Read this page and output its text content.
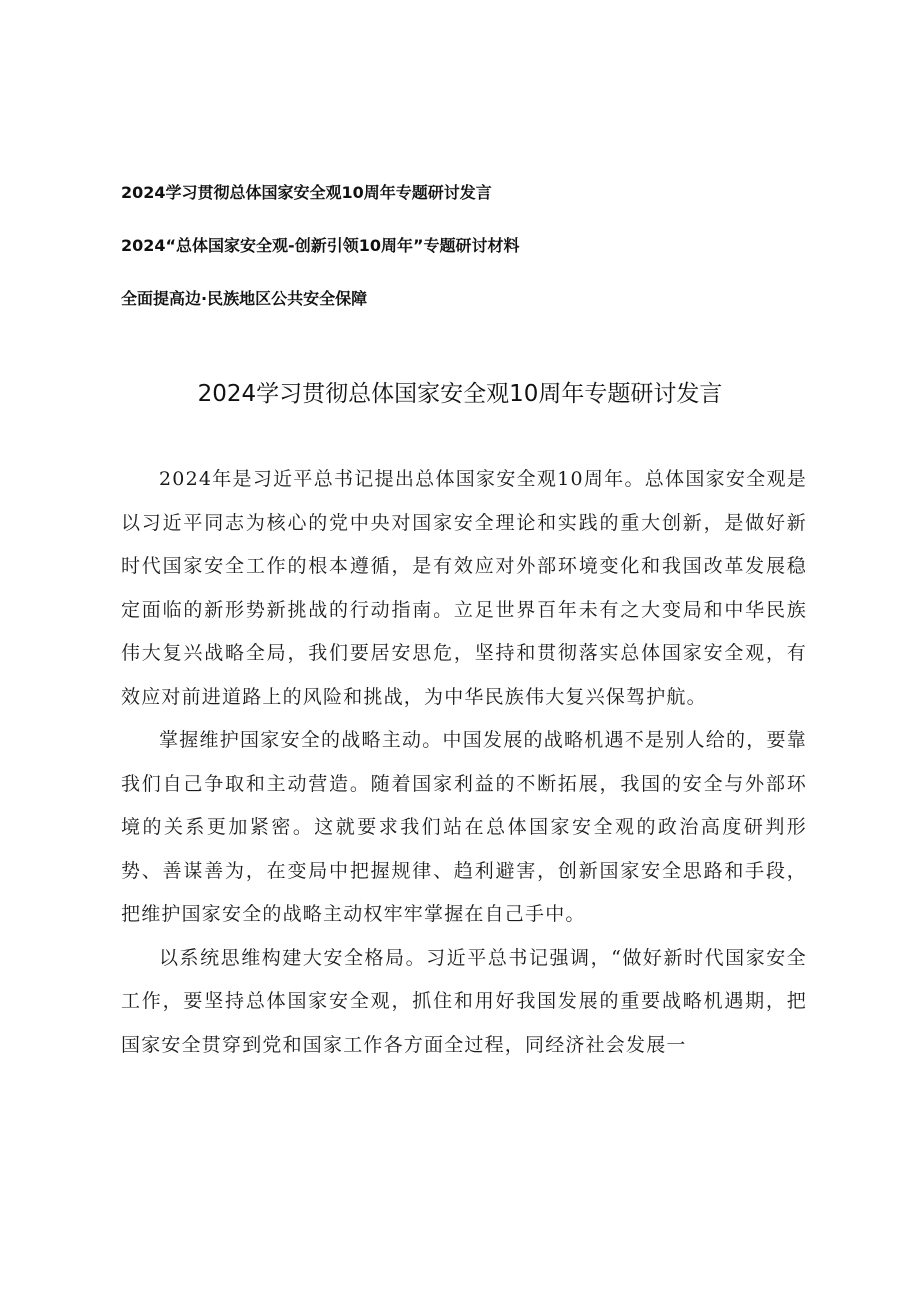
2024学习贯彻总体国家安全观10周年专题研讨发言
2024“总体国家安全观-创新引领10周年”专题研讨材料
全面提高边·民族地区公共安全保障
2024学习贯彻总体国家安全观10周年专题研讨发言

2024年是习近平总书记提出总体国家安全观10周年。总体国家安全观是以习近平同志为核心的党中央对国家安全理论和实践的重大创新，是做好新时代国家安全工作的根本遵循，是有效应对外部环境变化和我国改革发展稳定面临的新形势新挑战的行动指南。立足世界百年未有之大变局和中华民族伟大复兴战略全局，我们要居安思危，坚持和贯彻落实总体国家安全观，有效应对前进道路上的风险和挑战，为中华民族伟大复兴保驾护航。

掌握维护国家安全的战略主动。中国发展的战略机遇不是别人给的，要靠我们自己争取和主动营造。随着国家利益的不断拓展，我国的安全与外部环境的关系更加紧密。这就要求我们站在总体国家安全观的政治高度研判形势、善谋善为，在变局中把握规律、趋利避害，创新国家安全思路和手段，把维护国家安全的战略主动权牢牢掌握在自己手中。

以系统思维构建大安全格局。习近平总书记强调，“做好新时代国家安全工作，要坚持总体国家安全观，抓住和用好我国发展的重要战略机遇期，把国家安全贯穿到党和国家工作各方面全过程，同经济社会发展一
